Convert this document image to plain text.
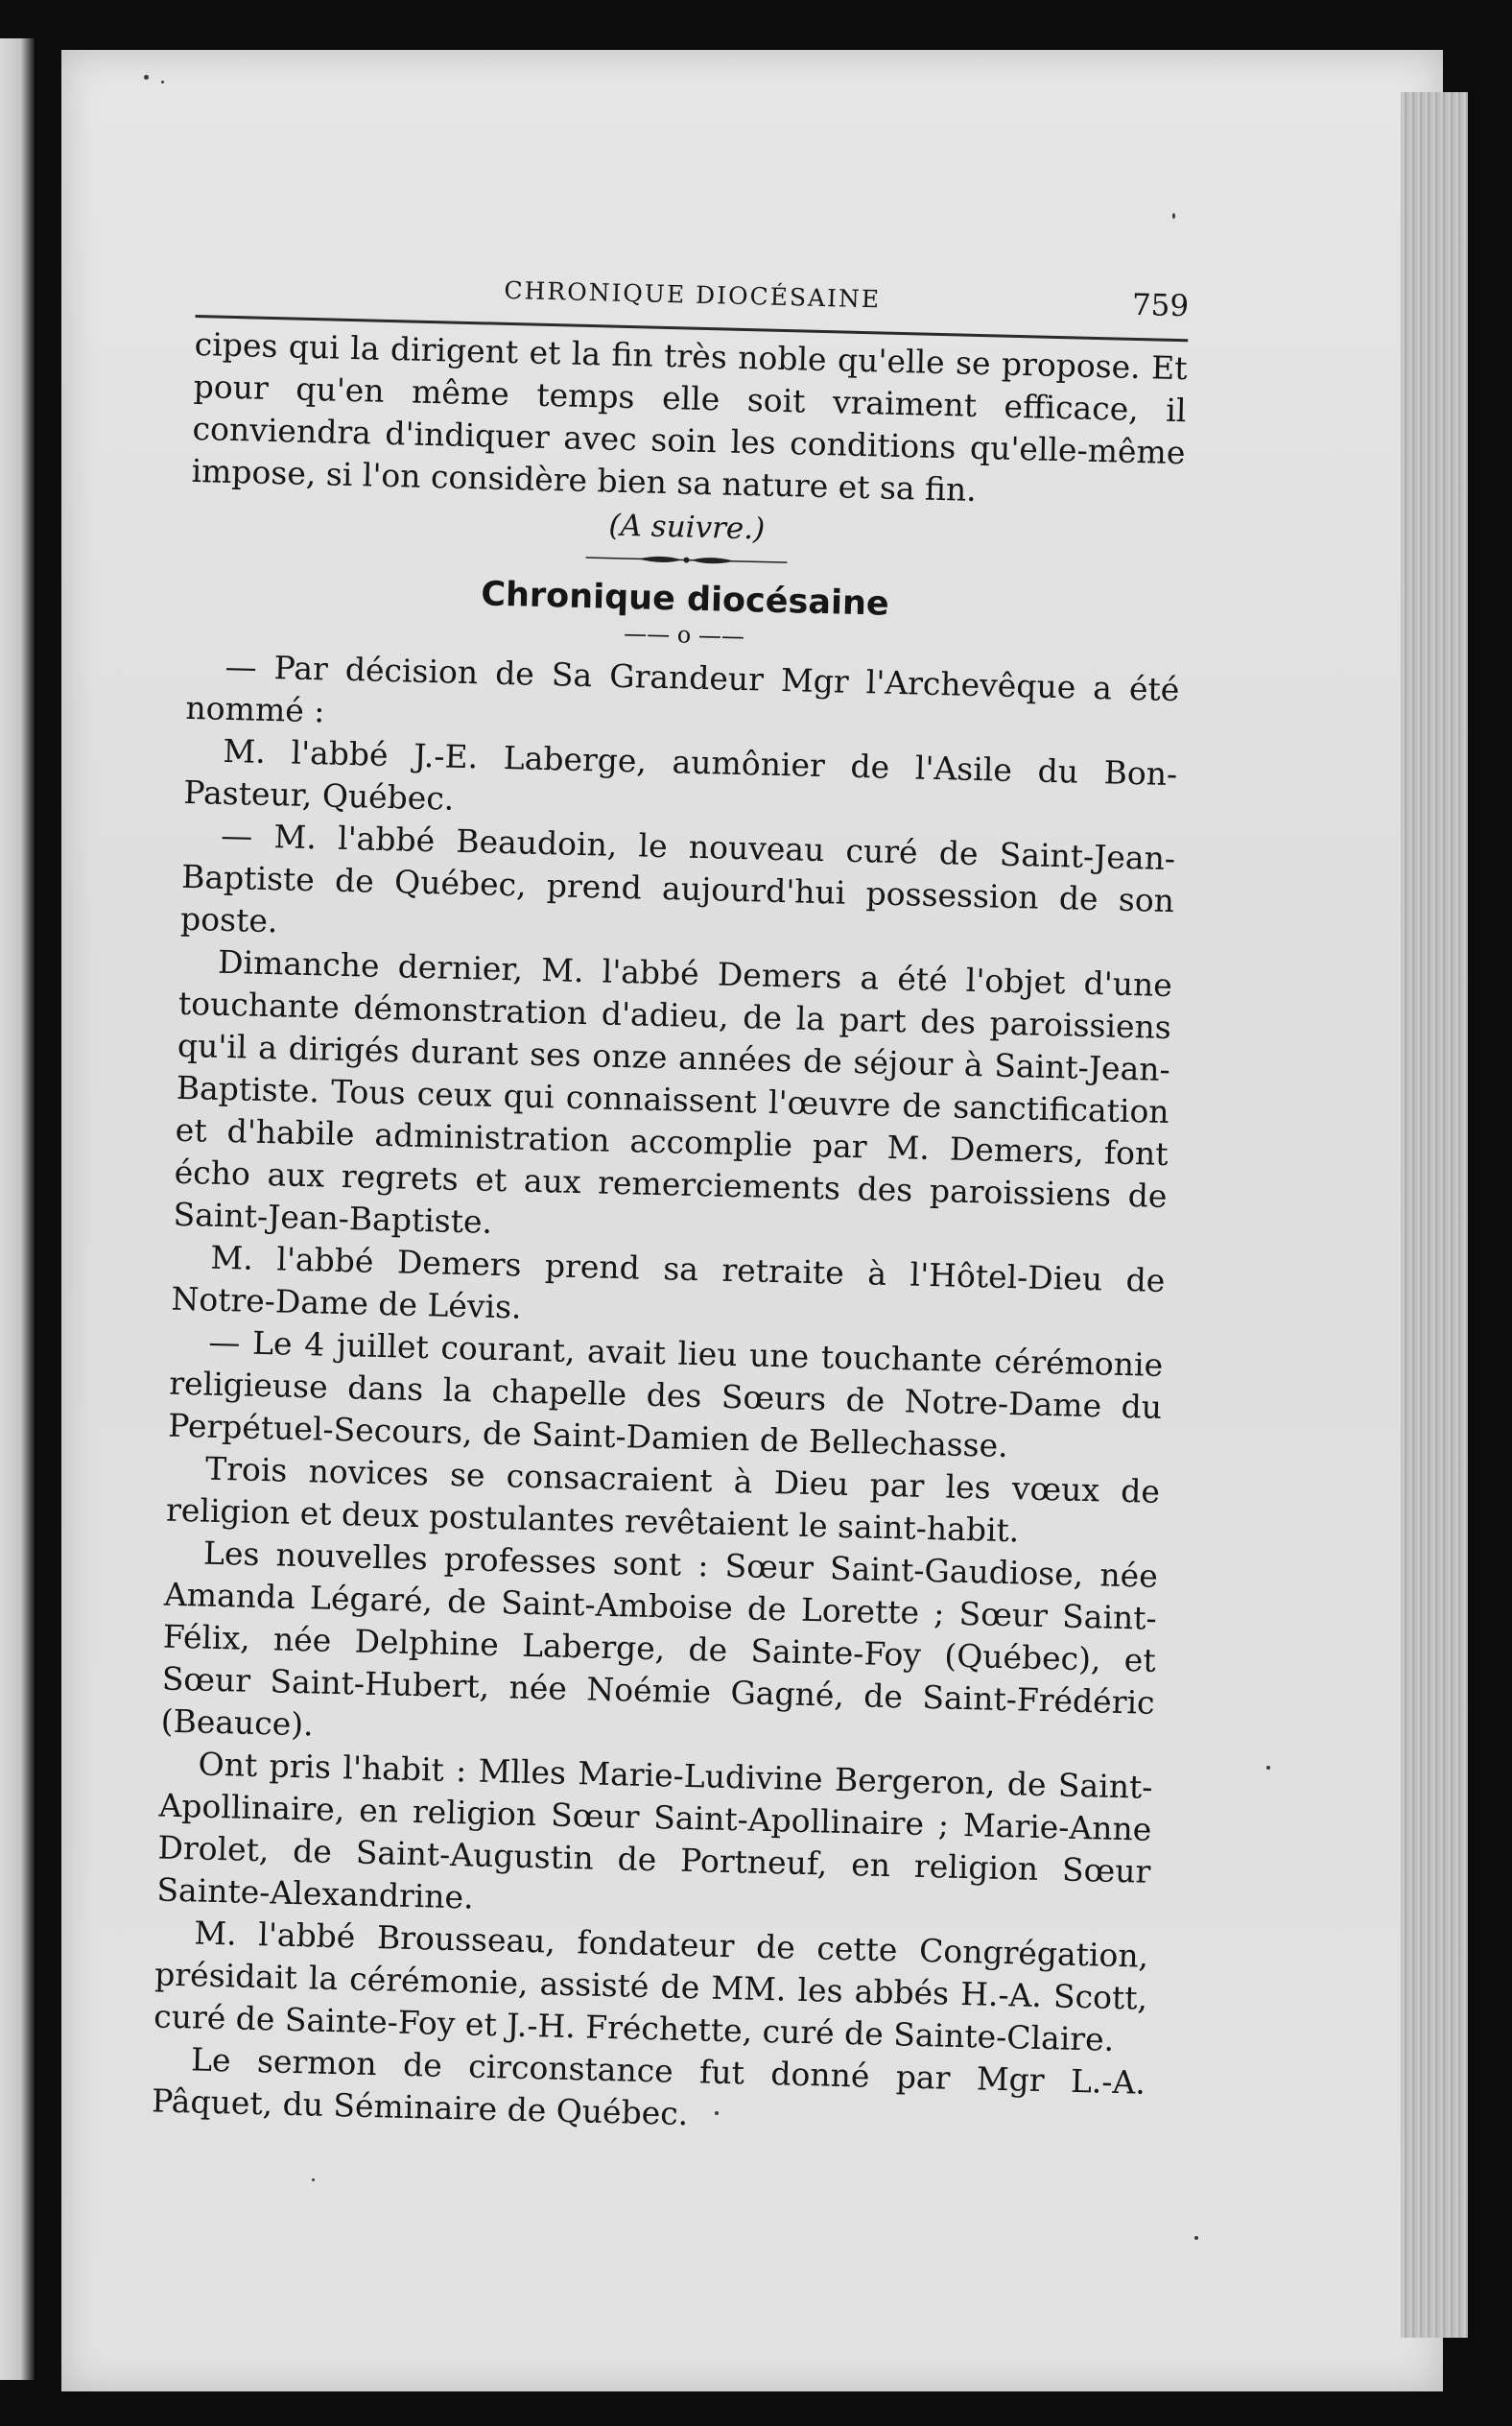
CHRONIQUE DIOCÉSAINE	759

cipes qui la dirigent et la fin très noble qu'elle se propose. Et pour qu'en même temps elle soit vraiment efficace, il conviendra d'indiquer avec soin les conditions qu'elle-même impose, si l'on considère bien sa nature et sa fin.

(A suivre.)
Chronique diocésaine
—— o ——

— Par décision de Sa Grandeur Mgr l'Archevêque a été nommé :

M. l'abbé J.-E. Laberge, aumônier de l'Asile du Bon-Pasteur, Québec.

— M. l'abbé Beaudoin, le nouveau curé de Saint-Jean-Baptiste de Québec, prend aujourd'hui possession de son poste.

Dimanche dernier, M. l'abbé Demers a été l'objet d'une touchante démonstration d'adieu, de la part des paroissiens qu'il a dirigés durant ses onze années de séjour à Saint-Jean-Baptiste. Tous ceux qui connaissent l'œuvre de sanctification et d'habile administration accomplie par M. Demers, font écho aux regrets et aux remerciements des paroissiens de Saint-Jean-Baptiste.

M. l'abbé Demers prend sa retraite à l'Hôtel-Dieu de Notre-Dame de Lévis.

— Le 4 juillet courant, avait lieu une touchante cérémonie religieuse dans la chapelle des Sœurs de Notre-Dame du Perpétuel-Secours, de Saint-Damien de Bellechasse.

Trois novices se consacraient à Dieu par les vœux de religion et deux postulantes revêtaient le saint-habit.

Les nouvelles professes sont : Sœur Saint-Gaudiose, née Amanda Légaré, de Saint-Amboise de Lorette ; Sœur Saint-Félix, née Delphine Laberge, de Sainte-Foy (Québec), et Sœur Saint-Hubert, née Noémie Gagné, de Saint-Frédéric (Beauce).

Ont pris l'habit : Mlles Marie-Ludivine Bergeron, de Saint-Apollinaire, en religion Sœur Saint-Apollinaire ; Marie-Anne Drolet, de Saint-Augustin de Portneuf, en religion Sœur Sainte-Alexandrine.

M. l'abbé Brousseau, fondateur de cette Congrégation, présidait la cérémonie, assisté de MM. les abbés H.-A. Scott, curé de Sainte-Foy et J.-H. Fréchette, curé de Sainte-Claire.

Le sermon de circonstance fut donné par Mgr L.-A. Pâquet, du Séminaire de Québec.
